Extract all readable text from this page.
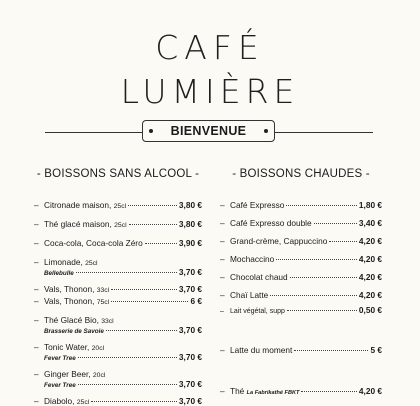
CAFÉ
LUMIÈRE
BIENVENUE
- BOISSONS SANS ALCOOL -
– Citronade maison, 25cl	3,80 €
– Thé glacé maison, 25cl	3,80 €
– Coca-cola, Coca-cola Zéro	3,90 €
– Limonade, 25cl
Bellebulle	3,70 €
– Vals, Thonon, 33cl	3,70 €
– Vals, Thonon, 75cl	6 €
– Thé Glacé Bio, 33cl
Brasserie de Savoie	3,70 €
– Tonic Water, 20cl
Fever Tree	3,70 €
– Ginger Beer, 20cl
Fever Tree	3,70 €
– Diabolo, 25cl	3,70 €
- BOISSONS CHAUDES -
– Café Expresso	1,80 €
– Café Expresso double	3,40 €
– Grand-crème, Cappuccino	4,20 €
– Mochaccino	4,20 €
– Chocolat chaud	4,20 €
– Chaï Latte	4,20 €
– Lait végétal, supp	0,50 €
– Latte du moment	5 €
– Thé La Fabrikathé FBKT	4,20 €
